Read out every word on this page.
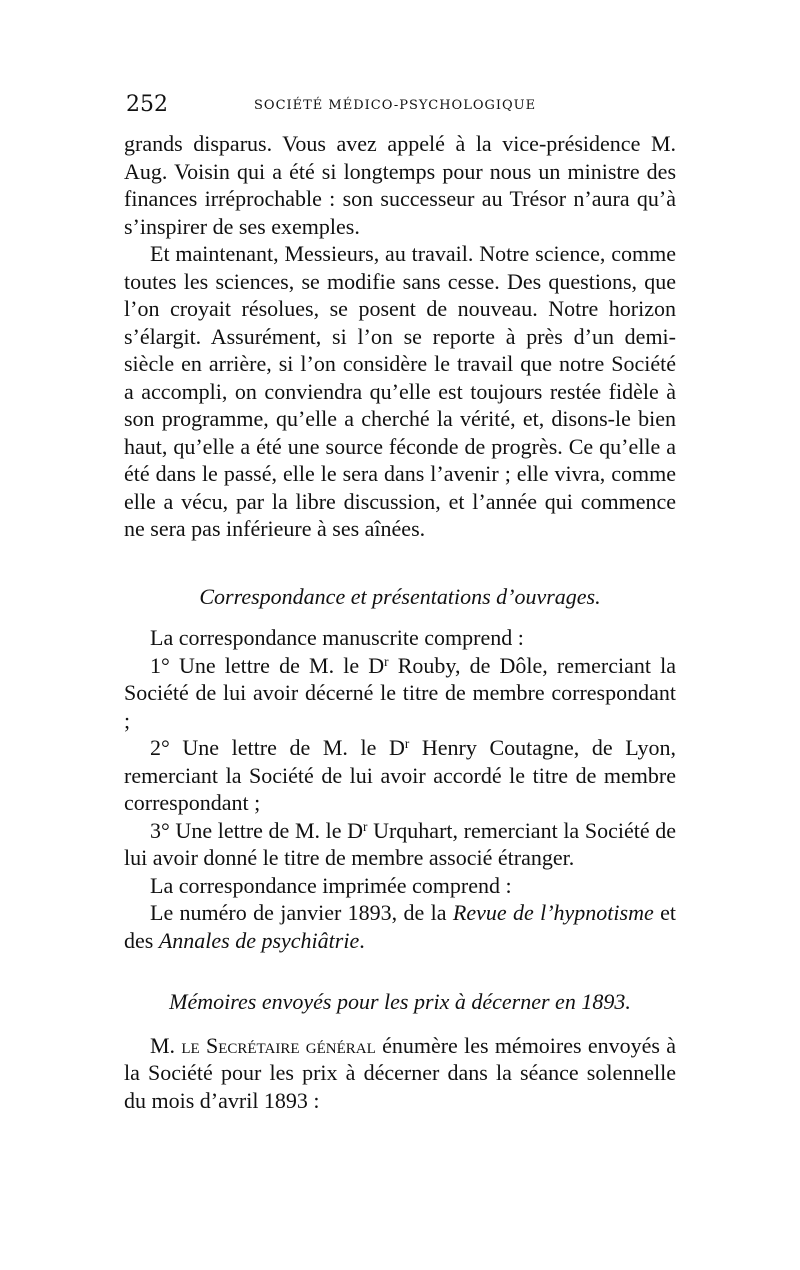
252	SOCIÉTÉ MÉDICO-PSYCHOLOGIQUE

grands disparus. Vous avez appelé à la vice-présidence M. Aug. Voisin qui a été si longtemps pour nous un ministre des finances irréprochable : son successeur au Trésor n’aura qu’à s’inspirer de ses exemples.

Et maintenant, Messieurs, au travail. Notre science, comme toutes les sciences, se modifie sans cesse. Des questions, que l’on croyait résolues, se posent de nouveau. Notre horizon s’élargit. Assurément, si l’on se reporte à près d’un demi-siècle en arrière, si l’on considère le travail que notre Société a accompli, on conviendra qu’elle est toujours restée fidèle à son programme, qu’elle a cherché la vérité, et, disons-le bien haut, qu’elle a été une source féconde de progrès. Ce qu’elle a été dans le passé, elle le sera dans l’avenir ; elle vivra, comme elle a vécu, par la libre discussion, et l’année qui commence ne sera pas inférieure à ses aînées.

Correspondance et présentations d’ouvrages.

La correspondance manuscrite comprend :

1° Une lettre de M. le $D^r$ Rouby, de Dôle, remerciant la Société de lui avoir décerné le titre de membre correspondant ;

2° Une lettre de M. le $D^r$ Henry Coutagne, de Lyon, remerciant la Société de lui avoir accordé le titre de membre correspondant ;

3° Une lettre de M. le $D^r$ Urquhart, remerciant la Société de lui avoir donné le titre de membre associé étranger.

La correspondance imprimée comprend :

Le numéro de janvier 1893, de la Revue de l’hypnotisme et des Annales de psychiâtrie.

Mémoires envoyés pour les prix à décerner en 1893.

M. le Secrétaire général énumère les mémoires envoyés à la Société pour les prix à décerner dans la séance solennelle du mois d’avril 1893 :
